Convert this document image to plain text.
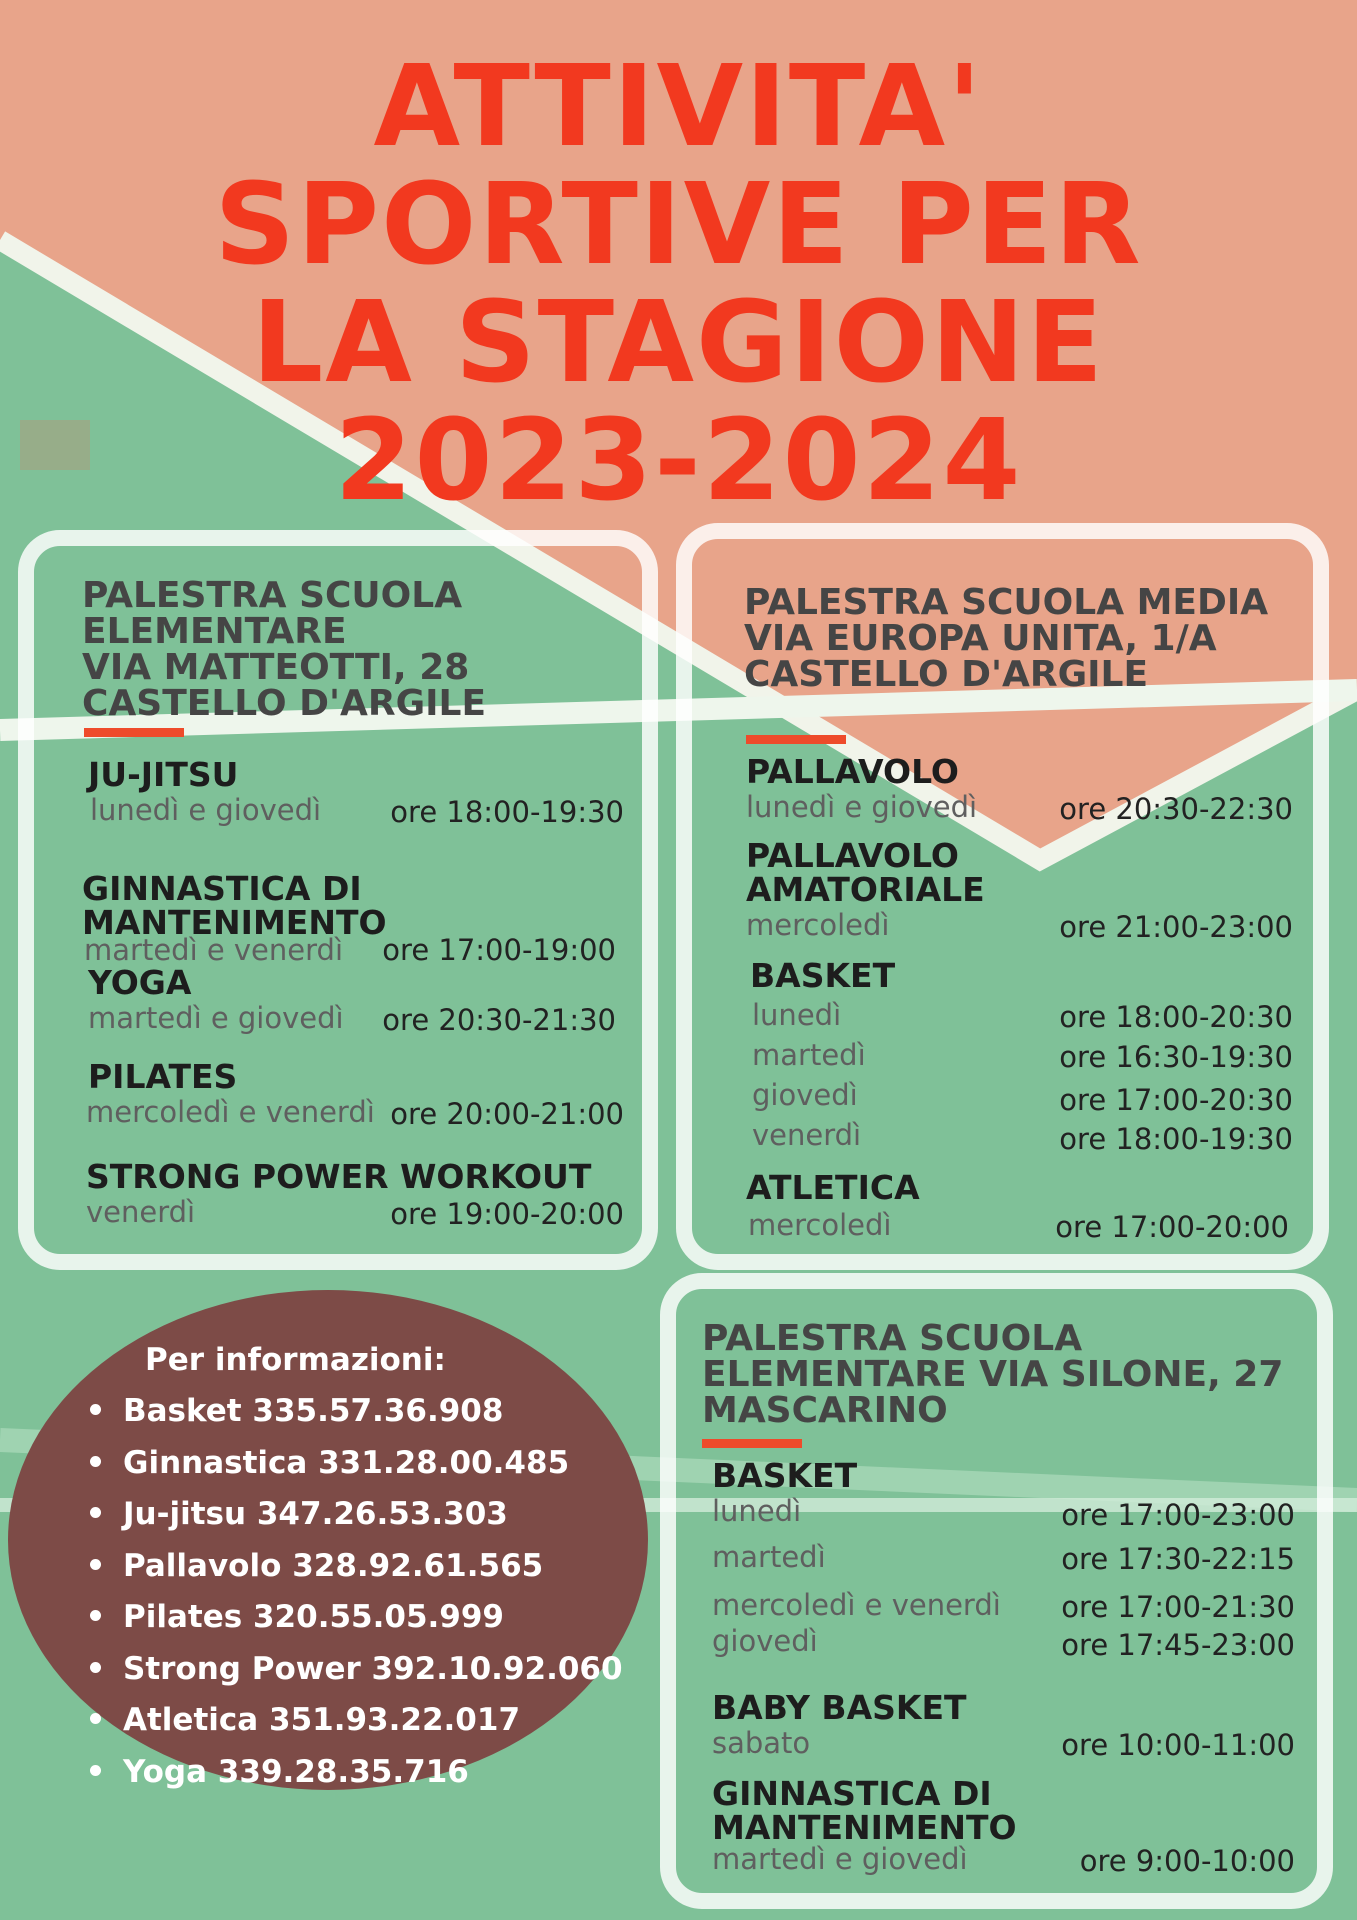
ATTIVITA'
SPORTIVE PER
LA STAGIONE
2023-2024
PALESTRA SCUOLA
ELEMENTARE
VIA MATTEOTTI, 28
CASTELLO D'ARGILE
JU-JITSU
lunedì e giovedì ore 18:00-19:30
GINNASTICA DI
MANTENIMENTO
martedì e venerdì ore 17:00-19:00
YOGA
martedì e giovedì ore 20:30-21:30
PILATES
mercoledì e venerdì ore 20:00-21:00
STRONG POWER WORKOUT
venerdì	ore 19:00-20:00
PALESTRA SCUOLA MEDIA
VIA EUROPA UNITA, 1/A
CASTELLO D'ARGILE
PALLAVOLO
lunedì e giovedì	ore 20:30-22:30
PALLAVOLO
AMATORIALE
mercoledì	ore 21:00-23:00
BASKET
lunedì	ore 18:00-20:30
martedì	ore 16:30-19:30
giovedì	ore 17:00-20:30
venerdì	ore 18:00-19:30
ATLETICA
mercoledì	ore 17:00-20:00
PALESTRA SCUOLA
ELEMENTARE VIA SILONE, 27
MASCARINO
BASKET
lunedì	ore 17:00-23:00
martedì	ore 17:30-22:15
mercoledì e venerdì ore 17:00-21:30
giovedì	ore 17:45-23:00
BABY BASKET
sabato	ore 10:00-11:00
GINNASTICA DI
MANTENIMENTO
martedì e giovedì	ore 9:00-10:00
Per informazioni:
Basket 335.57.36.908
Ginnastica 331.28.00.485
Ju-jitsu 347.26.53.303
Pallavolo 328.92.61.565
Pilates 320.55.05.999
Strong Power 392.10.92.060
Atletica 351.93.22.017
Yoga 339.28.35.716
